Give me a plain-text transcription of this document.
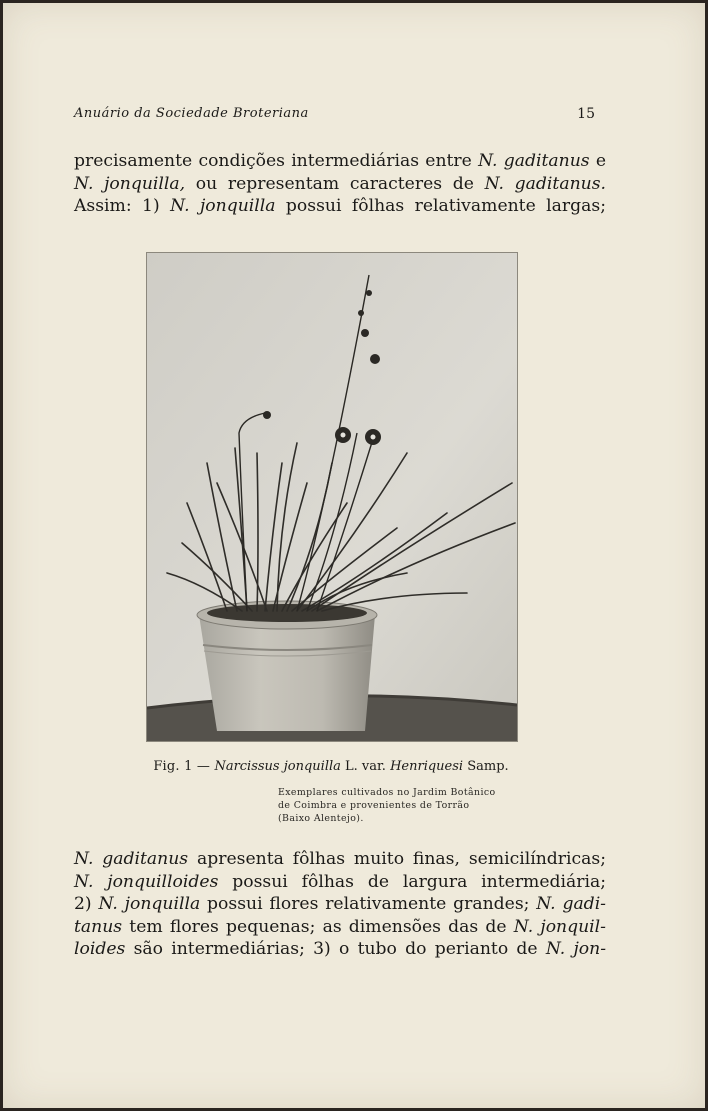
Anuário da Sociedade Broteriana	15
precisamente condições intermediárias entre N. gaditanus e
N. jonquilla, ou representam caracteres de N. gaditanus.
Assim: 1) N. jonquilla possui fôlhas relativamente largas;
Fig. 1 — Narcissus jonquilla L. var. Henriquesi Samp.
Exemplares cultivados no Jardim Botânico
de Coimbra e provenientes de Torrão
(Baixo Alentejo).
N. gaditanus apresenta fôlhas muito finas, semicilíndricas;
N. jonquilloides possui fôlhas de largura intermediária;
2) N. jonquilla possui flores relativamente grandes; N. gadi-
tanus tem flores pequenas; as dimensões das de N. jonquil-
loides são intermediárias; 3) o tubo do perianto de N. jon-
